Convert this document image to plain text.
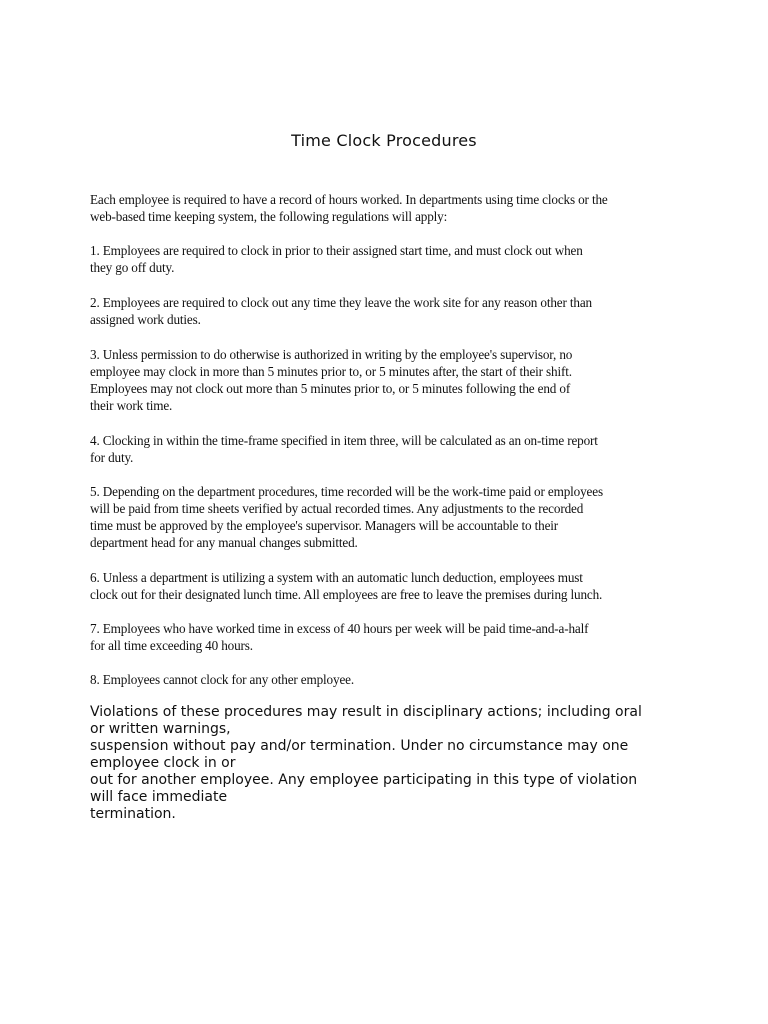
Time Clock Procedures

Each employee is required to have a record of hours worked. In departments using time clocks or the
web-based time keeping system, the following regulations will apply:

1. Employees are required to clock in prior to their assigned start time, and must clock out when
they go off duty.

2. Employees are required to clock out any time they leave the work site for any reason other than
assigned work duties.

3. Unless permission to do otherwise is authorized in writing by the employee's supervisor, no
employee may clock in more than 5 minutes prior to, or 5 minutes after, the start of their shift.
Employees may not clock out more than 5 minutes prior to, or 5 minutes following the end of
their work time.

4. Clocking in within the time-frame specified in item three, will be calculated as an on-time report
for duty.

5. Depending on the department procedures, time recorded will be the work-time paid or employees
will be paid from time sheets verified by actual recorded times. Any adjustments to the recorded
time must be approved by the employee's supervisor. Managers will be accountable to their
department head for any manual changes submitted.

6. Unless a department is utilizing a system with an automatic lunch deduction, employees must
clock out for their designated lunch time. All employees are free to leave the premises during lunch.

7. Employees who have worked time in excess of 40 hours per week will be paid time-and-a-half
for all time exceeding 40 hours.

8. Employees cannot clock for any other employee.

Violations of these procedures may result in disciplinary actions; including oral
or written warnings,
suspension without pay and/or termination. Under no circumstance may one
employee clock in or
out for another employee. Any employee participating in this type of violation
will face immediate
termination.
